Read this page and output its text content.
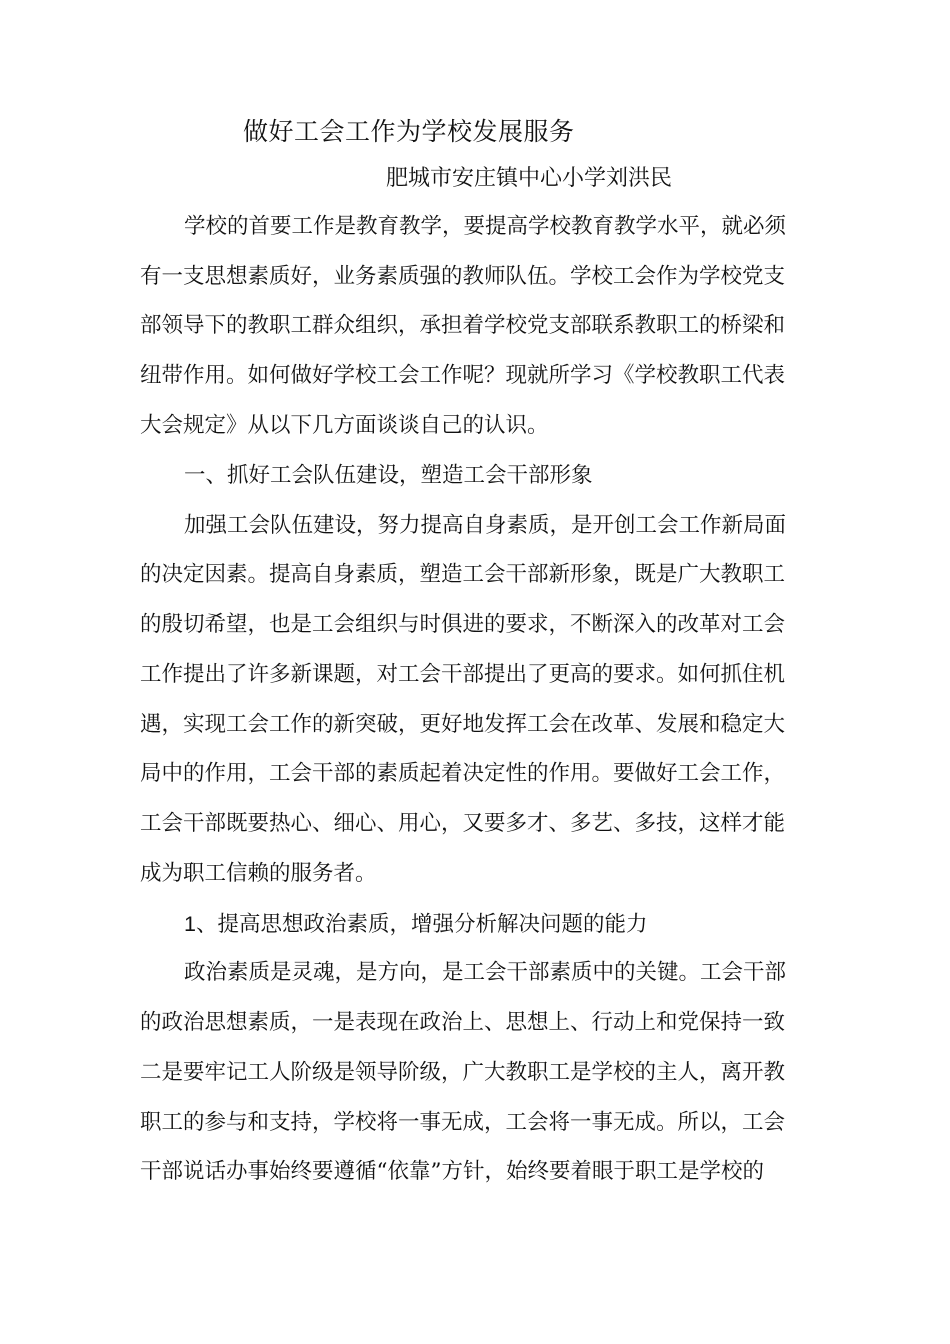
做好工会工作为学校发展服务
肥城市安庄镇中心小学刘洪民
学校的首要工作是教育教学，要提高学校教育教学水平，就必须
有一支思想素质好，业务素质强的教师队伍。学校工会作为学校党支
部领导下的教职工群众组织，承担着学校党支部联系教职工的桥梁和
纽带作用。如何做好学校工会工作呢？现就所学习《学校教职工代表
大会规定》从以下几方面谈谈自己的认识。
一、抓好工会队伍建设，塑造工会干部形象
加强工会队伍建设，努力提高自身素质，是开创工会工作新局面
的决定因素。提高自身素质，塑造工会干部新形象，既是广大教职工
的殷切希望，也是工会组织与时俱进的要求，不断深入的改革对工会
工作提出了许多新课题，对工会干部提出了更高的要求。如何抓住机
遇，实现工会工作的新突破，更好地发挥工会在改革、发展和稳定大
局中的作用，工会干部的素质起着决定性的作用。要做好工会工作，
工会干部既要热心、细心、用心，又要多才、多艺、多技，这样才能
成为职工信赖的服务者。
1、提高思想政治素质，增强分析解决问题的能力
政治素质是灵魂，是方向，是工会干部素质中的关键。工会干部
的政治思想素质，一是表现在政治上、思想上、行动上和党保持一致
二是要牢记工人阶级是领导阶级，广大教职工是学校的主人，离开教
职工的参与和支持，学校将一事无成，工会将一事无成。所以，工会
干部说话办事始终要遵循“依靠”方针，始终要着眼于职工是学校的
